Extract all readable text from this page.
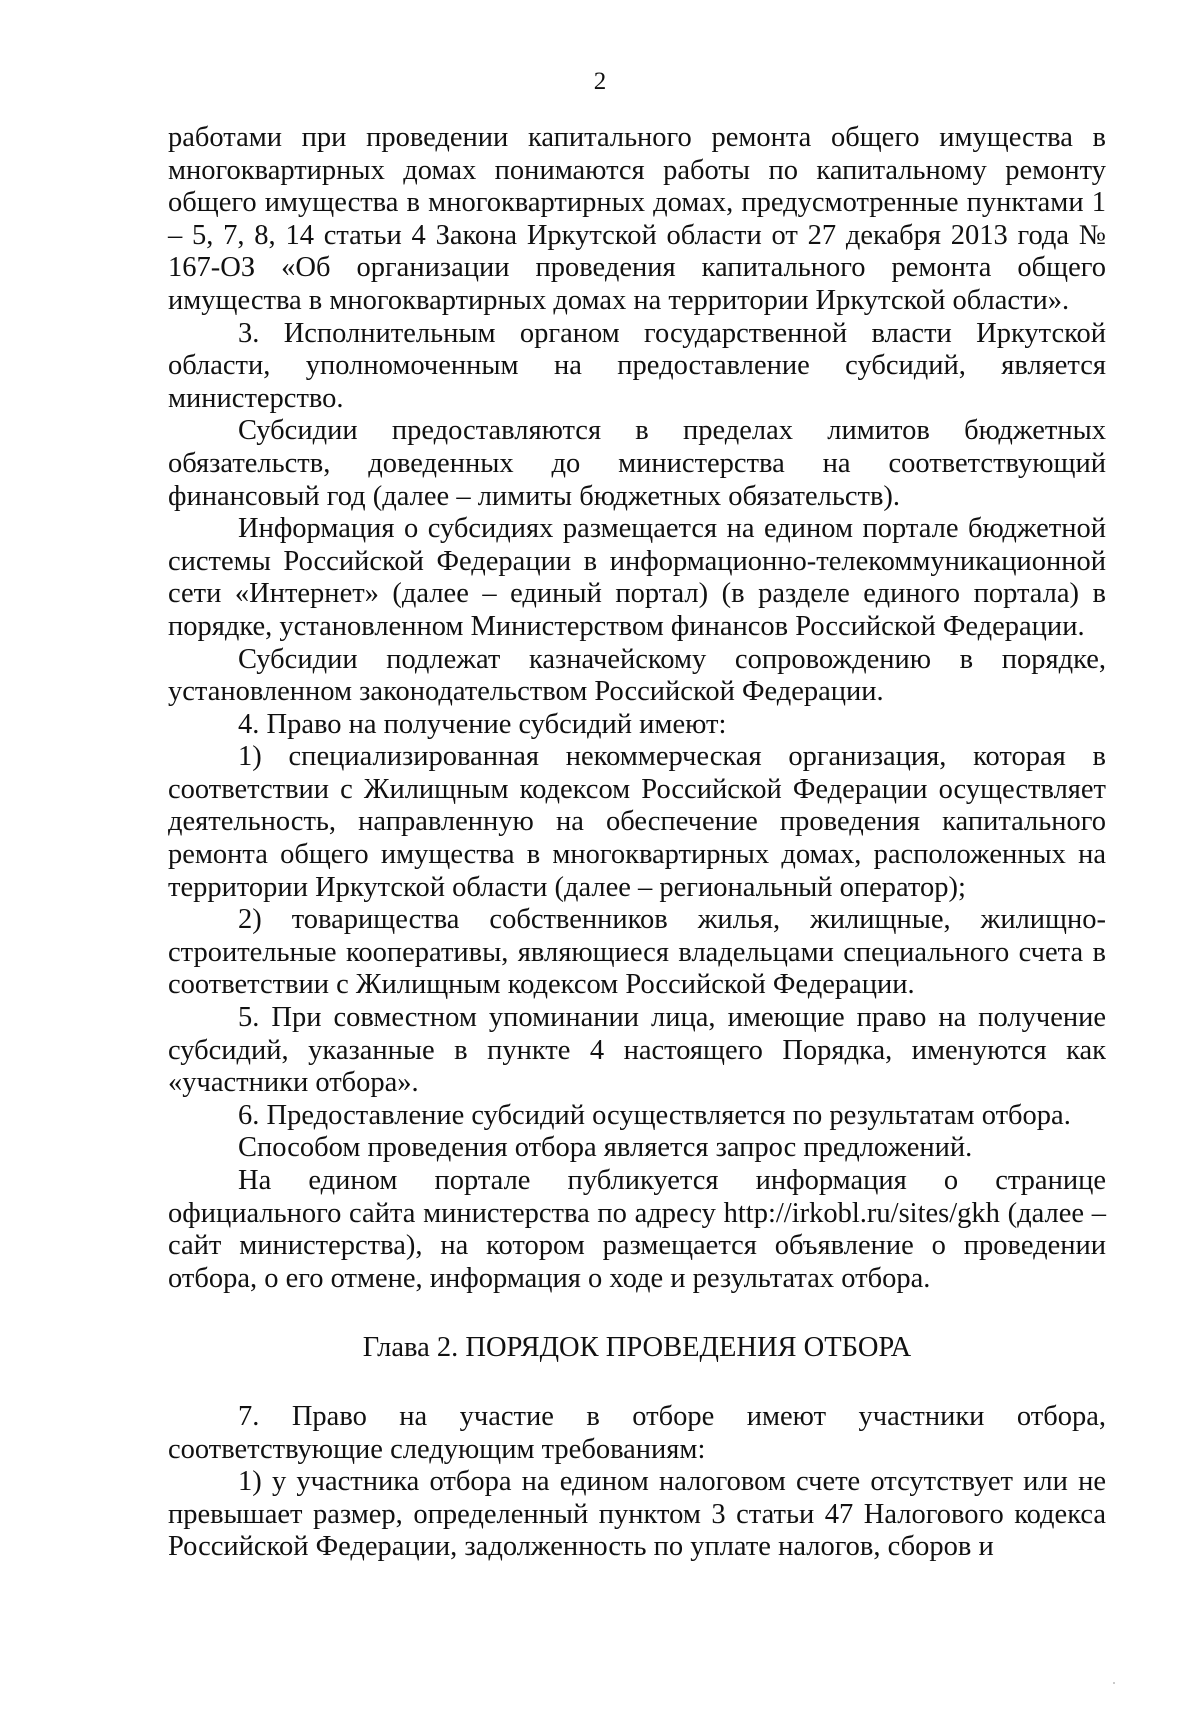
2

работами при проведении капитального ремонта общего имущества в многоквартирных домах понимаются работы по капитальному ремонту общего имущества в многоквартирных домах, предусмотренные пунктами 1 – 5, 7, 8, 14 статьи 4 Закона Иркутской области от 27 декабря 2013 года № 167-ОЗ «Об организации проведения капитального ремонта общего имущества в многоквартирных домах на территории Иркутской области».

3. Исполнительным органом государственной власти Иркутской области, уполномоченным на предоставление субсидий, является министерство.

Субсидии предоставляются в пределах лимитов бюджетных обязательств, доведенных до министерства на соответствующий финансовый год (далее – лимиты бюджетных обязательств).

Информация о субсидиях размещается на едином портале бюджетной системы Российской Федерации в информационно-телекоммуникационной сети «Интернет» (далее – единый портал) (в разделе единого портала) в порядке, установленном Министерством финансов Российской Федерации.

Субсидии подлежат казначейскому сопровождению в порядке, установленном законодательством Российской Федерации.

4. Право на получение субсидий имеют:

1) специализированная некоммерческая организация, которая в соответствии с Жилищным кодексом Российской Федерации осуществляет деятельность, направленную на обеспечение проведения капитального ремонта общего имущества в многоквартирных домах, расположенных на территории Иркутской области (далее – региональный оператор);

2) товарищества собственников жилья, жилищные, жилищно-строительные кооперативы, являющиеся владельцами специального счета в соответствии с Жилищным кодексом Российской Федерации.

5. При совместном упоминании лица, имеющие право на получение субсидий, указанные в пункте 4 настоящего Порядка, именуются как «участники отбора».

6. Предоставление субсидий осуществляется по результатам отбора.

Способом проведения отбора является запрос предложений.

На едином портале публикуется информация о странице официального сайта министерства по адресу http://irkobl.ru/sites/gkh (далее – сайт министерства), на котором размещается объявление о проведении отбора, о его отмене, информация о ходе и результатах отбора.

Глава 2. ПОРЯДОК ПРОВЕДЕНИЯ ОТБОРА

7. Право на участие в отборе имеют участники отбора, соответствующие следующим требованиям:

1) у участника отбора на едином налоговом счете отсутствует или не превышает размер, определенный пунктом 3 статьи 47 Налогового кодекса Российской Федерации, задолженность по уплате налогов, сборов и
